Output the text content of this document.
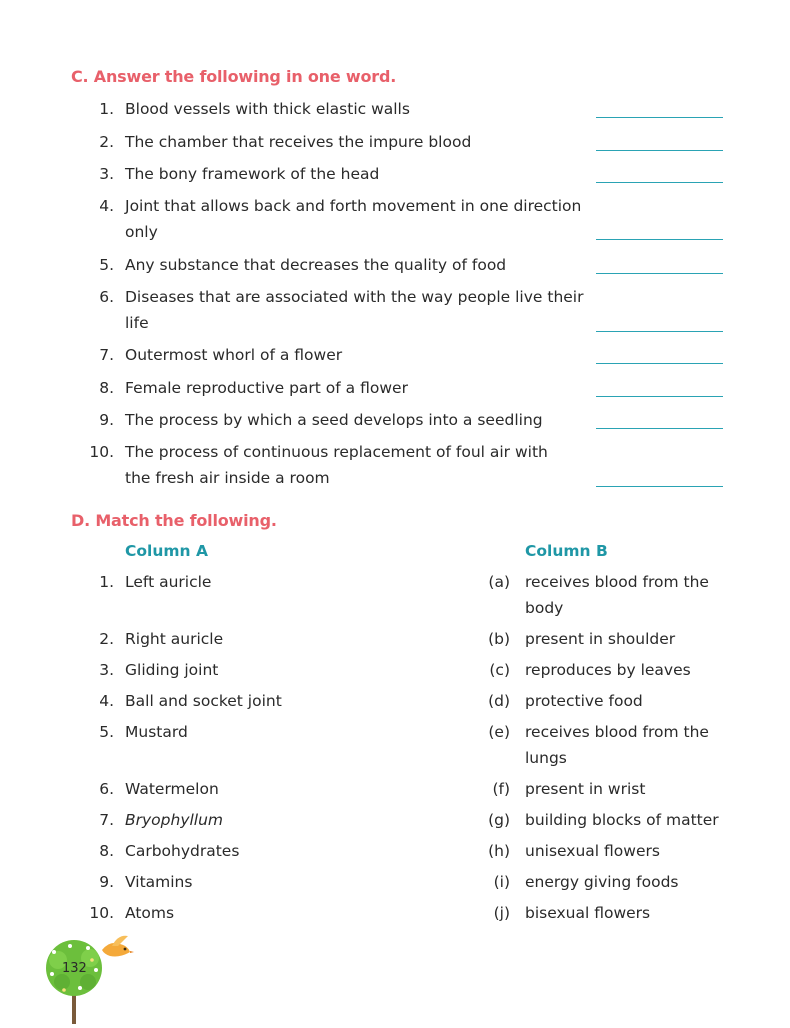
C. Answer the following in one word.
1. Blood vessels with thick elastic walls
2. The chamber that receives the impure blood
3. The bony framework of the head
4. Joint that allows back and forth movement in one direction
only
5. Any substance that decreases the quality of food
6. Diseases that are associated with the way people live their
life
7. Outermost whorl of a flower
8. Female reproductive part of a flower
9. The process by which a seed develops into a seedling
10. The process of continuous replacement of foul air with
the fresh air inside a room
D. Match the following.
Column A	Column B
1. Left auricle	(a) receives blood from the
body
2. Right auricle	(b) present in shoulder
3. Gliding joint	(c) reproduces by leaves
4. Ball and socket joint	(d) protective food
5. Mustard	(e) receives blood from the
lungs
6. Watermelon	(f) present in wrist
7. Bryophyllum	(g) building blocks of matter
8. Carbohydrates	(h) unisexual flowers
9. Vitamins	(i) energy giving foods
10. Atoms	(j) bisexual flowers
132
